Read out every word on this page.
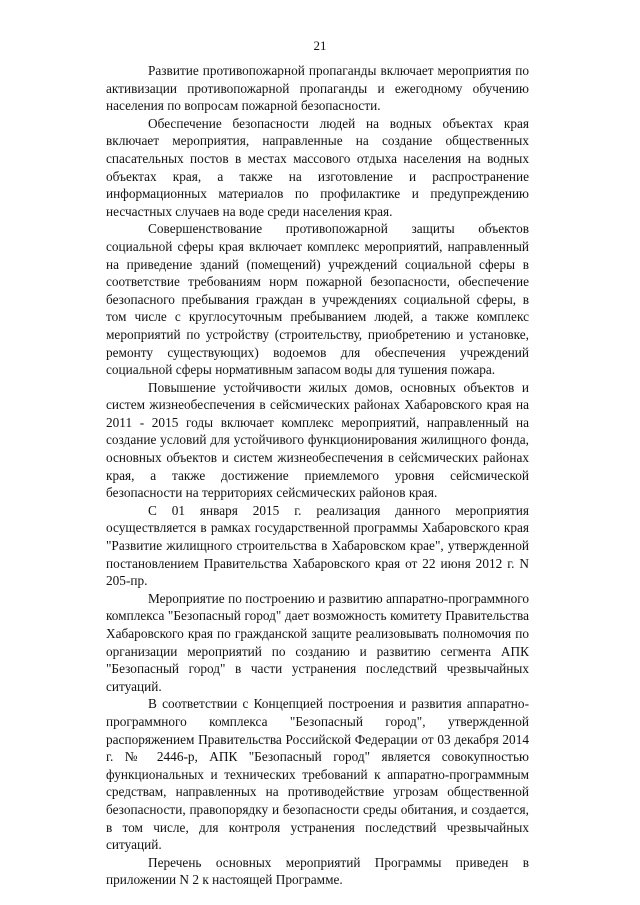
21

Развитие противопожарной пропаганды включает мероприятия по активизации противопожарной пропаганды и ежегодному обучению населения по вопросам пожарной безопасности.

Обеспечение безопасности людей на водных объектах края включает мероприятия, направленные на создание общественных спасательных постов в местах массового отдыха населения на водных объектах края, а также на изготовление и распространение информационных материалов по профилактике и предупреждению несчастных случаев на воде среди населения края.

Совершенствование противопожарной защиты объектов социальной сферы края включает комплекс мероприятий, направленный на приведение зданий (помещений) учреждений социальной сферы в соответствие требованиям норм пожарной безопасности, обеспечение безопасного пребывания граждан в учреждениях социальной сферы, в том числе с круглосуточным пребыванием людей, а также комплекс мероприятий по устройству (строительству, приобретению и установке, ремонту существующих) водоемов для обеспечения учреждений социальной сферы нормативным запасом воды для тушения пожара.

Повышение устойчивости жилых домов, основных объектов и систем жизнеобеспечения в сейсмических районах Хабаровского края на 2011 - 2015 годы включает комплекс мероприятий, направленный на создание условий для устойчивого функционирования жилищного фонда, основных объектов и систем жизнеобеспечения в сейсмических районах края, а также достижение приемлемого уровня сейсмической безопасности на территориях сейсмических районов края.

С 01 января 2015 г. реализация данного мероприятия осуществляется в рамках государственной программы Хабаровского края "Развитие жилищного строительства в Хабаровском крае", утвержденной постановлением Правительства Хабаровского края от 22 июня 2012 г. N 205-пр.

Мероприятие по построению и развитию аппаратно-программного комплекса "Безопасный город" дает возможность комитету Правительства Хабаровского края по гражданской защите реализовывать полномочия по организации мероприятий по созданию и развитию сегмента АПК "Безопасный город" в части устранения последствий чрезвычайных ситуаций.

В соответствии с Концепцией построения и развития аппаратно-программного комплекса "Безопасный город", утвержденной распоряжением Правительства Российской Федерации от 03 декабря 2014 г. № 2446-р, АПК "Безопасный город" является совокупностью функциональных и технических требований к аппаратно-программным средствам, направленных на противодействие угрозам общественной безопасности, правопорядку и безопасности среды обитания, и создается, в том числе, для контроля устранения последствий чрезвычайных ситуаций.

Перечень основных мероприятий Программы приведен в приложении N 2 к настоящей Программе.
